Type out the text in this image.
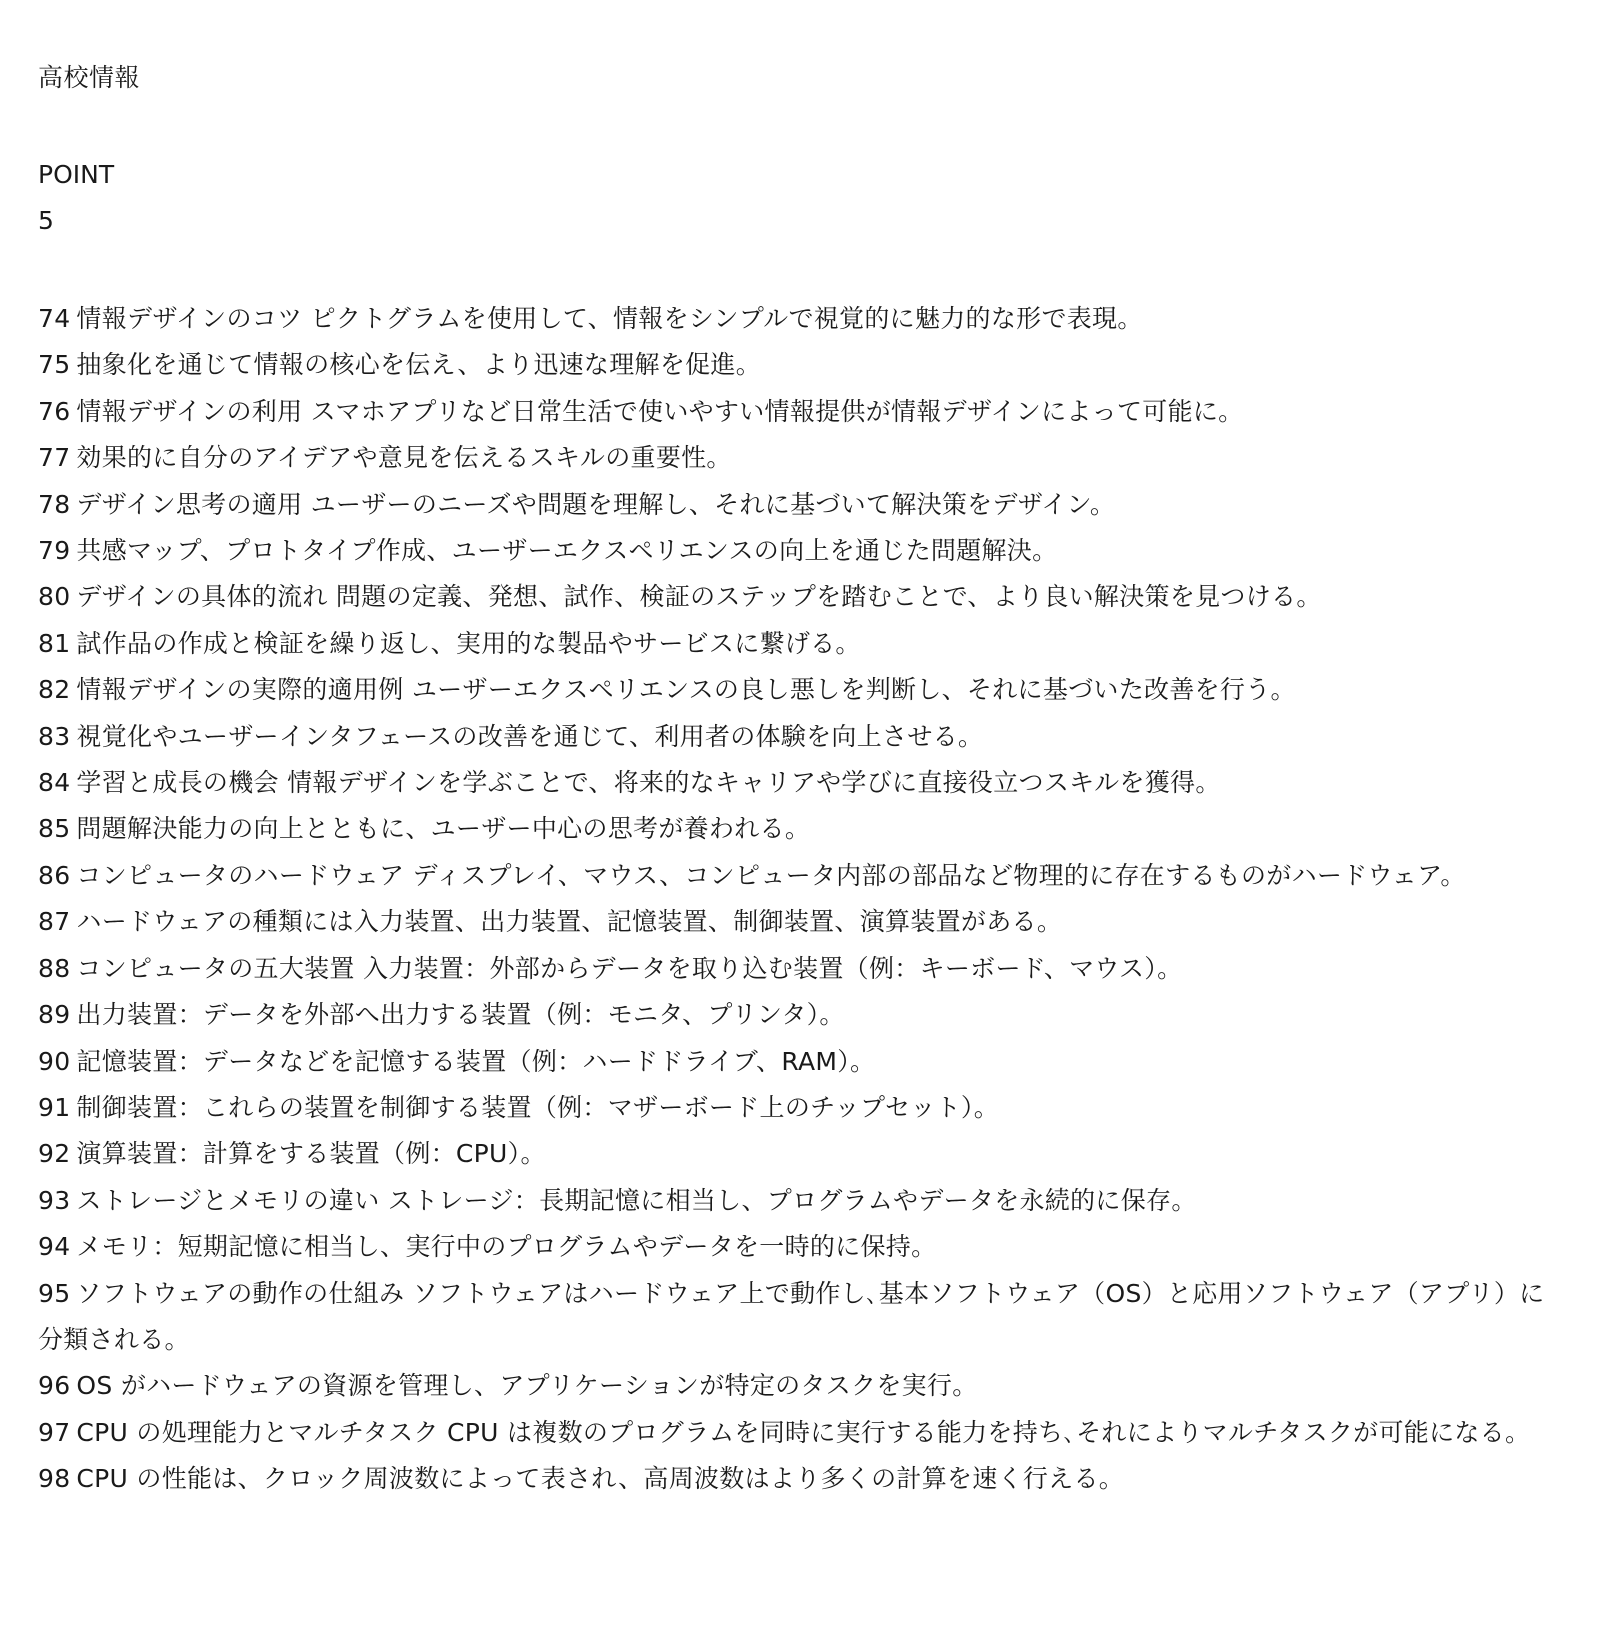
高校情報
POINT
5
74 情報デザインのコツ ピクトグラムを使用して、情報をシンプルで視覚的に魅力的な形で表現。
75 抽象化を通じて情報の核心を伝え、より迅速な理解を促進。
76 情報デザインの利用 スマホアプリなど日常生活で使いやすい情報提供が情報デザインによって可能に。
77 効果的に自分のアイデアや意見を伝えるスキルの重要性。
78 デザイン思考の適用 ユーザーのニーズや問題を理解し、それに基づいて解決策をデザイン。
79 共感マップ、プロトタイプ作成、ユーザーエクスペリエンスの向上を通じた問題解決。
80 デザインの具体的流れ 問題の定義、発想、試作、検証のステップを踏むことで、より良い解決策を見つける。
81 試作品の作成と検証を繰り返し、実用的な製品やサービスに繋げる。
82 情報デザインの実際的適用例 ユーザーエクスペリエンスの良し悪しを判断し、それに基づいた改善を行う。
83 視覚化やユーザーインタフェースの改善を通じて、利用者の体験を向上させる。
84 学習と成長の機会 情報デザインを学ぶことで、将来的なキャリアや学びに直接役立つスキルを獲得。
85 問題解決能力の向上とともに、ユーザー中心の思考が養われる。
86 コンピュータのハードウェア ディスプレイ、マウス、コンピュータ内部の部品など物理的に存在するものがハードウェア。
87 ハードウェアの種類には入力装置、出力装置、記憶装置、制御装置、演算装置がある。
88 コンピュータの五大装置 入力装置：外部からデータを取り込む装置（例：キーボード、マウス）。
89 出力装置：データを外部へ出力する装置（例：モニタ、プリンタ）。
90 記憶装置：データなどを記憶する装置（例：ハードドライブ、RAM）。
91 制御装置：これらの装置を制御する装置（例：マザーボード上のチップセット）。
92 演算装置：計算をする装置（例：CPU）。
93 ストレージとメモリの違い ストレージ：長期記憶に相当し、プログラムやデータを永続的に保存。
94 メモリ：短期記憶に相当し、実行中のプログラムやデータを一時的に保持。
95 ソフトウェアの動作の仕組み ソフトウェアはハードウェア上で動作し､基本ソフトウェア（OS）と応用ソフトウェア（アプリ）に分類される。
96 OS がハードウェアの資源を管理し、アプリケーションが特定のタスクを実行。
97 CPU の処理能力とマルチタスク CPU は複数のプログラムを同時に実行する能力を持ち､それによりマルチタスクが可能になる。
98 CPU の性能は、クロック周波数によって表され、高周波数はより多くの計算を速く行える。
